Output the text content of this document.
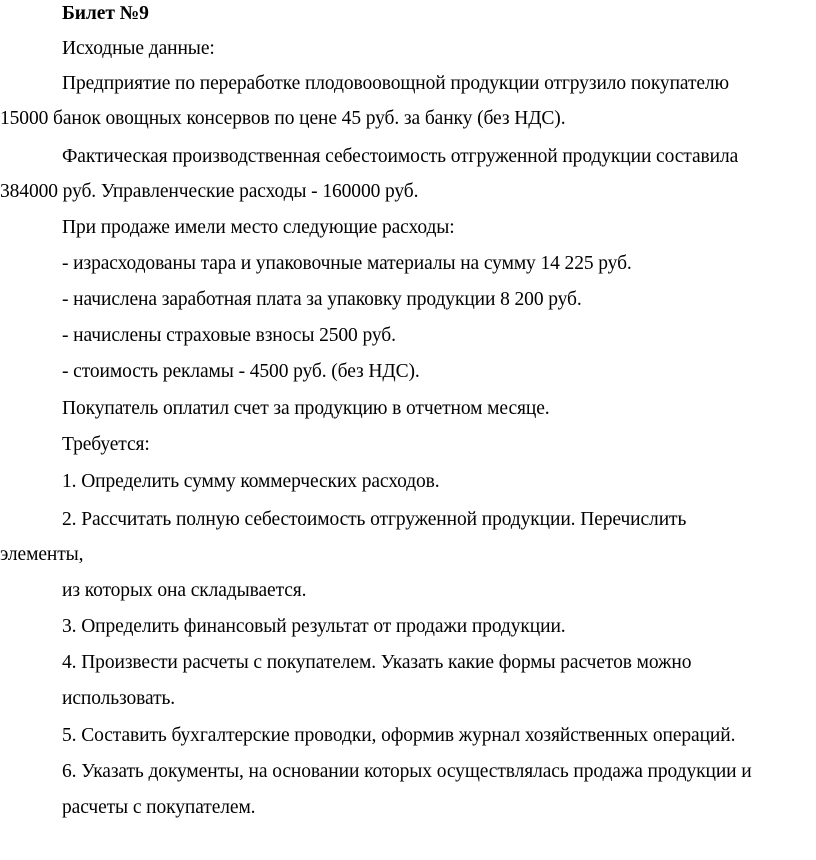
Билет №9
Исходные данные:
Предприятие по переработке плодовоовощной продукции отгрузило покупателю
15000 банок овощных консервов по цене 45 руб. за банку (без НДС).
Фактическая производственная себестоимость отгруженной продукции составила
384000 руб. Управленческие расходы - 160000 руб.
При продаже имели место следующие расходы:
- израсходованы тара и упаковочные материалы на сумму 14 225 руб.
- начислена заработная плата за упаковку продукции 8 200 руб.
- начислены страховые взносы 2500 руб.
- стоимость рекламы - 4500 руб. (без НДС).
Покупатель оплатил счет за продукцию в отчетном месяце.
Требуется:
1. Определить сумму коммерческих расходов.
2. Рассчитать полную себестоимость отгруженной продукции. Перечислить
элементы,
из которых она складывается.
3. Определить финансовый результат от продажи продукции.
4. Произвести расчеты с покупателем. Указать какие формы расчетов можно
использовать.
5. Составить бухгалтерские проводки, оформив журнал хозяйственных операций.
6. Указать документы, на основании которых осуществлялась продажа продукции и
расчеты с покупателем.
